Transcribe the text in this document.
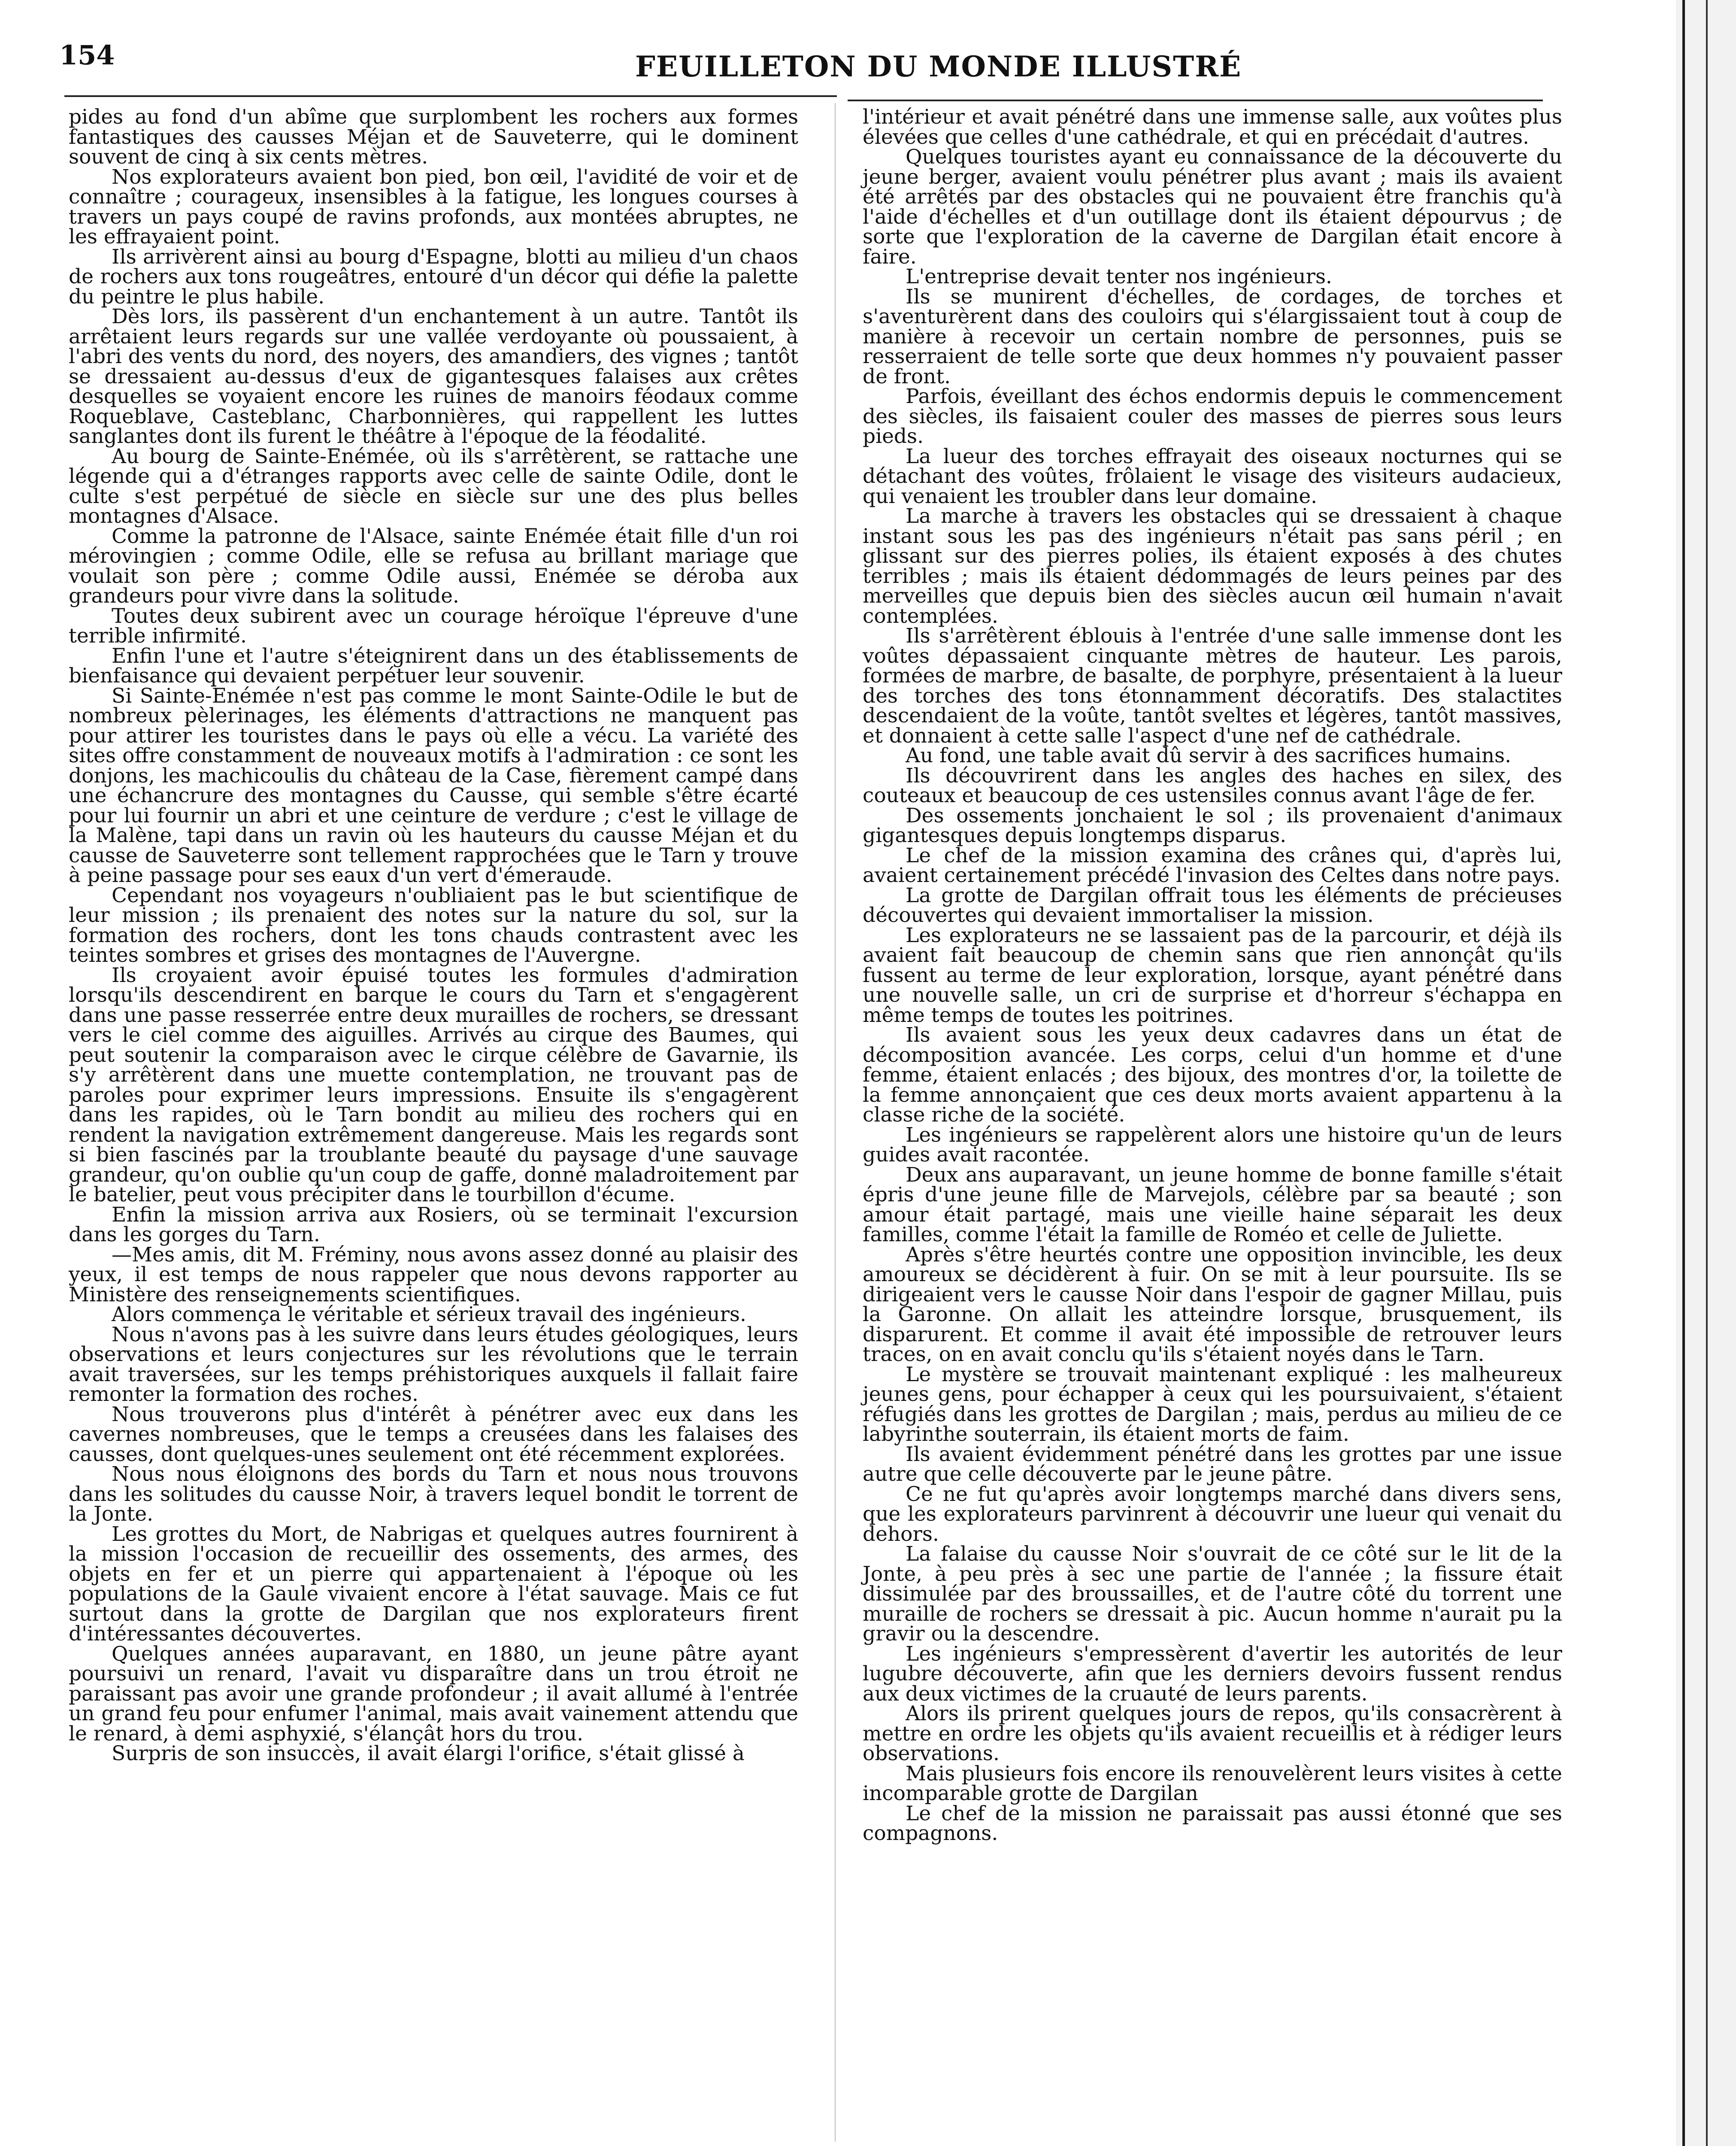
154	FEUILLETON DU MONDE ILLUSTRÉ

pides au fond d'un abîme que surplombent les rochers aux formes fantastiques des causses Méjan et de Sauveterre, qui le dominent souvent de cinq à six cents mètres.

Nos explorateurs avaient bon pied, bon œil, l'avidité de voir et de connaître ; courageux, insensibles à la fatigue, les longues courses à travers un pays coupé de ravins profonds, aux montées abruptes, ne les effrayaient point.

Ils arrivèrent ainsi au bourg d'Espagne, blotti au milieu d'un chaos de rochers aux tons rougeâtres, entouré d'un décor qui défie la palette du peintre le plus habile.

Dès lors, ils passèrent d'un enchantement à un autre. Tantôt ils arrêtaient leurs regards sur une vallée verdoyante où poussaient, à l'abri des vents du nord, des noyers, des amandiers, des vignes ; tantôt se dressaient au-dessus d'eux de gigantesques falaises aux crêtes desquelles se voyaient encore les ruines de manoirs féodaux comme Roqueblave, Casteblanc, Charbonnières, qui rappellent les luttes sanglantes dont ils furent le théâtre à l'époque de la féodalité.

Au bourg de Sainte-Enémée, où ils s'arrêtèrent, se rattache une légende qui a d'étranges rapports avec celle de sainte Odile, dont le culte s'est perpétué de siècle en siècle sur une des plus belles montagnes d'Alsace.

Comme la patronne de l'Alsace, sainte Enémée était fille d'un roi mérovingien ; comme Odile, elle se refusa au brillant mariage que voulait son père ; comme Odile aussi, Enémée se déroba aux grandeurs pour vivre dans la solitude.

Toutes deux subirent avec un courage héroïque l'épreuve d'une terrible infirmité.

Enfin l'une et l'autre s'éteignirent dans un des établissements de bienfaisance qui devaient perpétuer leur souvenir.

Si Sainte-Enémée n'est pas comme le mont Sainte-Odile le but de nombreux pèlerinages, les éléments d'attractions ne manquent pas pour attirer les touristes dans le pays où elle a vécu. La variété des sites offre constamment de nouveaux motifs à l'admiration : ce sont les donjons, les machicoulis du château de la Case, fièrement campé dans une échancrure des montagnes du Causse, qui semble s'être écarté pour lui fournir un abri et une ceinture de verdure ; c'est le village de la Malène, tapi dans un ravin où les hauteurs du causse Méjan et du causse de Sauveterre sont tellement rapprochées que le Tarn y trouve à peine passage pour ses eaux d'un vert d'émeraude.

Cependant nos voyageurs n'oubliaient pas le but scientifique de leur mission ; ils prenaient des notes sur la nature du sol, sur la formation des rochers, dont les tons chauds contrastent avec les teintes sombres et grises des montagnes de l'Auvergne.

Ils croyaient avoir épuisé toutes les formules d'admiration lorsqu'ils descendirent en barque le cours du Tarn et s'engagèrent dans une passe resserrée entre deux murailles de rochers, se dressant vers le ciel comme des aiguilles. Arrivés au cirque des Baumes, qui peut soutenir la comparaison avec le cirque célèbre de Gavarnie, ils s'y arrêtèrent dans une muette contemplation, ne trouvant pas de paroles pour exprimer leurs impressions. Ensuite ils s'engagèrent dans les rapides, où le Tarn bondit au milieu des rochers qui en rendent la navigation extrêmement dangereuse. Mais les regards sont si bien fascinés par la troublante beauté du paysage d'une sauvage grandeur, qu'on oublie qu'un coup de gaffe, donné maladroitement par le batelier, peut vous précipiter dans le tourbillon d'écume.

Enfin la mission arriva aux Rosiers, où se terminait l'excursion dans les gorges du Tarn.

—Mes amis, dit M. Fréminy, nous avons assez donné au plaisir des yeux, il est temps de nous rappeler que nous devons rapporter au Ministère des renseignements scientifiques.

Alors commença le véritable et sérieux travail des ingénieurs.

Nous n'avons pas à les suivre dans leurs études géologiques, leurs observations et leurs conjectures sur les révolutions que le terrain avait traversées, sur les temps préhistoriques auxquels il fallait faire remonter la formation des roches.

Nous trouverons plus d'intérêt à pénétrer avec eux dans les cavernes nombreuses, que le temps a creusées dans les falaises des causses, dont quelques-unes seulement ont été récemment explorées.

Nous nous éloignons des bords du Tarn et nous nous trouvons dans les solitudes du causse Noir, à travers lequel bondit le torrent de la Jonte.

Les grottes du Mort, de Nabrigas et quelques autres fournirent à la mission l'occasion de recueillir des ossements, des armes, des objets en fer et un pierre qui appartenaient à l'époque où les populations de la Gaule vivaient encore à l'état sauvage. Mais ce fut surtout dans la grotte de Dargilan que nos explorateurs firent d'intéressantes découvertes.

Quelques années auparavant, en 1880, un jeune pâtre ayant poursuivi un renard, l'avait vu disparaître dans un trou étroit ne paraissant pas avoir une grande profondeur ; il avait allumé à l'entrée un grand feu pour enfumer l'animal, mais avait vainement attendu que le renard, à demi asphyxié, s'élançât hors du trou.

Surpris de son insuccès, il avait élargi l'orifice, s'était glissé à

l'intérieur et avait pénétré dans une immense salle, aux voûtes plus élevées que celles d'une cathédrale, et qui en précédait d'autres.

Quelques touristes ayant eu connaissance de la découverte du jeune berger, avaient voulu pénétrer plus avant ; mais ils avaient été arrêtés par des obstacles qui ne pouvaient être franchis qu'à l'aide d'échelles et d'un outillage dont ils étaient dépourvus ; de sorte que l'exploration de la caverne de Dargilan était encore à faire.

L'entreprise devait tenter nos ingénieurs.

Ils se munirent d'échelles, de cordages, de torches et s'aventurèrent dans des couloirs qui s'élargissaient tout à coup de manière à recevoir un certain nombre de personnes, puis se resserraient de telle sorte que deux hommes n'y pouvaient passer de front.

Parfois, éveillant des échos endormis depuis le commencement des siècles, ils faisaient couler des masses de pierres sous leurs pieds.

La lueur des torches effrayait des oiseaux nocturnes qui se détachant des voûtes, frôlaient le visage des visiteurs audacieux, qui venaient les troubler dans leur domaine.

La marche à travers les obstacles qui se dressaient à chaque instant sous les pas des ingénieurs n'était pas sans péril ; en glissant sur des pierres polies, ils étaient exposés à des chutes terribles ; mais ils étaient dédommagés de leurs peines par des merveilles que depuis bien des siècles aucun œil humain n'avait contemplées.

Ils s'arrêtèrent éblouis à l'entrée d'une salle immense dont les voûtes dépassaient cinquante mètres de hauteur. Les parois, formées de marbre, de basalte, de porphyre, présentaient à la lueur des torches des tons étonnamment décoratifs. Des stalactites descendaient de la voûte, tantôt sveltes et légères, tantôt massives, et donnaient à cette salle l'aspect d'une nef de cathédrale.

Au fond, une table avait dû servir à des sacrifices humains.

Ils découvrirent dans les angles des haches en silex, des couteaux et beaucoup de ces ustensiles connus avant l'âge de fer.

Des ossements jonchaient le sol ; ils provenaient d'animaux gigantesques depuis longtemps disparus.

Le chef de la mission examina des crânes qui, d'après lui, avaient certainement précédé l'invasion des Celtes dans notre pays.

La grotte de Dargilan offrait tous les éléments de précieuses découvertes qui devaient immortaliser la mission.

Les explorateurs ne se lassaient pas de la parcourir, et déjà ils avaient fait beaucoup de chemin sans que rien annonçât qu'ils fussent au terme de leur exploration, lorsque, ayant pénétré dans une nouvelle salle, un cri de surprise et d'horreur s'échappa en même temps de toutes les poitrines.

Ils avaient sous les yeux deux cadavres dans un état de décomposition avancée. Les corps, celui d'un homme et d'une femme, étaient enlacés ; des bijoux, des montres d'or, la toilette de la femme annonçaient que ces deux morts avaient appartenu à la classe riche de la société.

Les ingénieurs se rappelèrent alors une histoire qu'un de leurs guides avait racontée.

Deux ans auparavant, un jeune homme de bonne famille s'était épris d'une jeune fille de Marvejols, célèbre par sa beauté ; son amour était partagé, mais une vieille haine séparait les deux familles, comme l'était la famille de Roméo et celle de Juliette.

Après s'être heurtés contre une opposition invincible, les deux amoureux se décidèrent à fuir. On se mit à leur poursuite. Ils se dirigeaient vers le causse Noir dans l'espoir de gagner Millau, puis la Garonne. On allait les atteindre lorsque, brusquement, ils disparurent. Et comme il avait été impossible de retrouver leurs traces, on en avait conclu qu'ils s'étaient noyés dans le Tarn.

Le mystère se trouvait maintenant expliqué : les malheureux jeunes gens, pour échapper à ceux qui les poursuivaient, s'étaient réfugiés dans les grottes de Dargilan ; mais, perdus au milieu de ce labyrinthe souterrain, ils étaient morts de faim.

Ils avaient évidemment pénétré dans les grottes par une issue autre que celle découverte par le jeune pâtre.

Ce ne fut qu'après avoir longtemps marché dans divers sens, que les explorateurs parvinrent à découvrir une lueur qui venait du dehors.

La falaise du causse Noir s'ouvrait de ce côté sur le lit de la Jonte, à peu près à sec une partie de l'année ; la fissure était dissimulée par des broussailles, et de l'autre côté du torrent une muraille de rochers se dressait à pic. Aucun homme n'aurait pu la gravir ou la descendre.

Les ingénieurs s'empressèrent d'avertir les autorités de leur lugubre découverte, afin que les derniers devoirs fussent rendus aux deux victimes de la cruauté de leurs parents.

Alors ils prirent quelques jours de repos, qu'ils consacrèrent à mettre en ordre les objets qu'ils avaient recueillis et à rédiger leurs observations.

Mais plusieurs fois encore ils renouvelèrent leurs visites à cette incomparable grotte de Dargilan

Le chef de la mission ne paraissait pas aussi étonné que ses compagnons.
